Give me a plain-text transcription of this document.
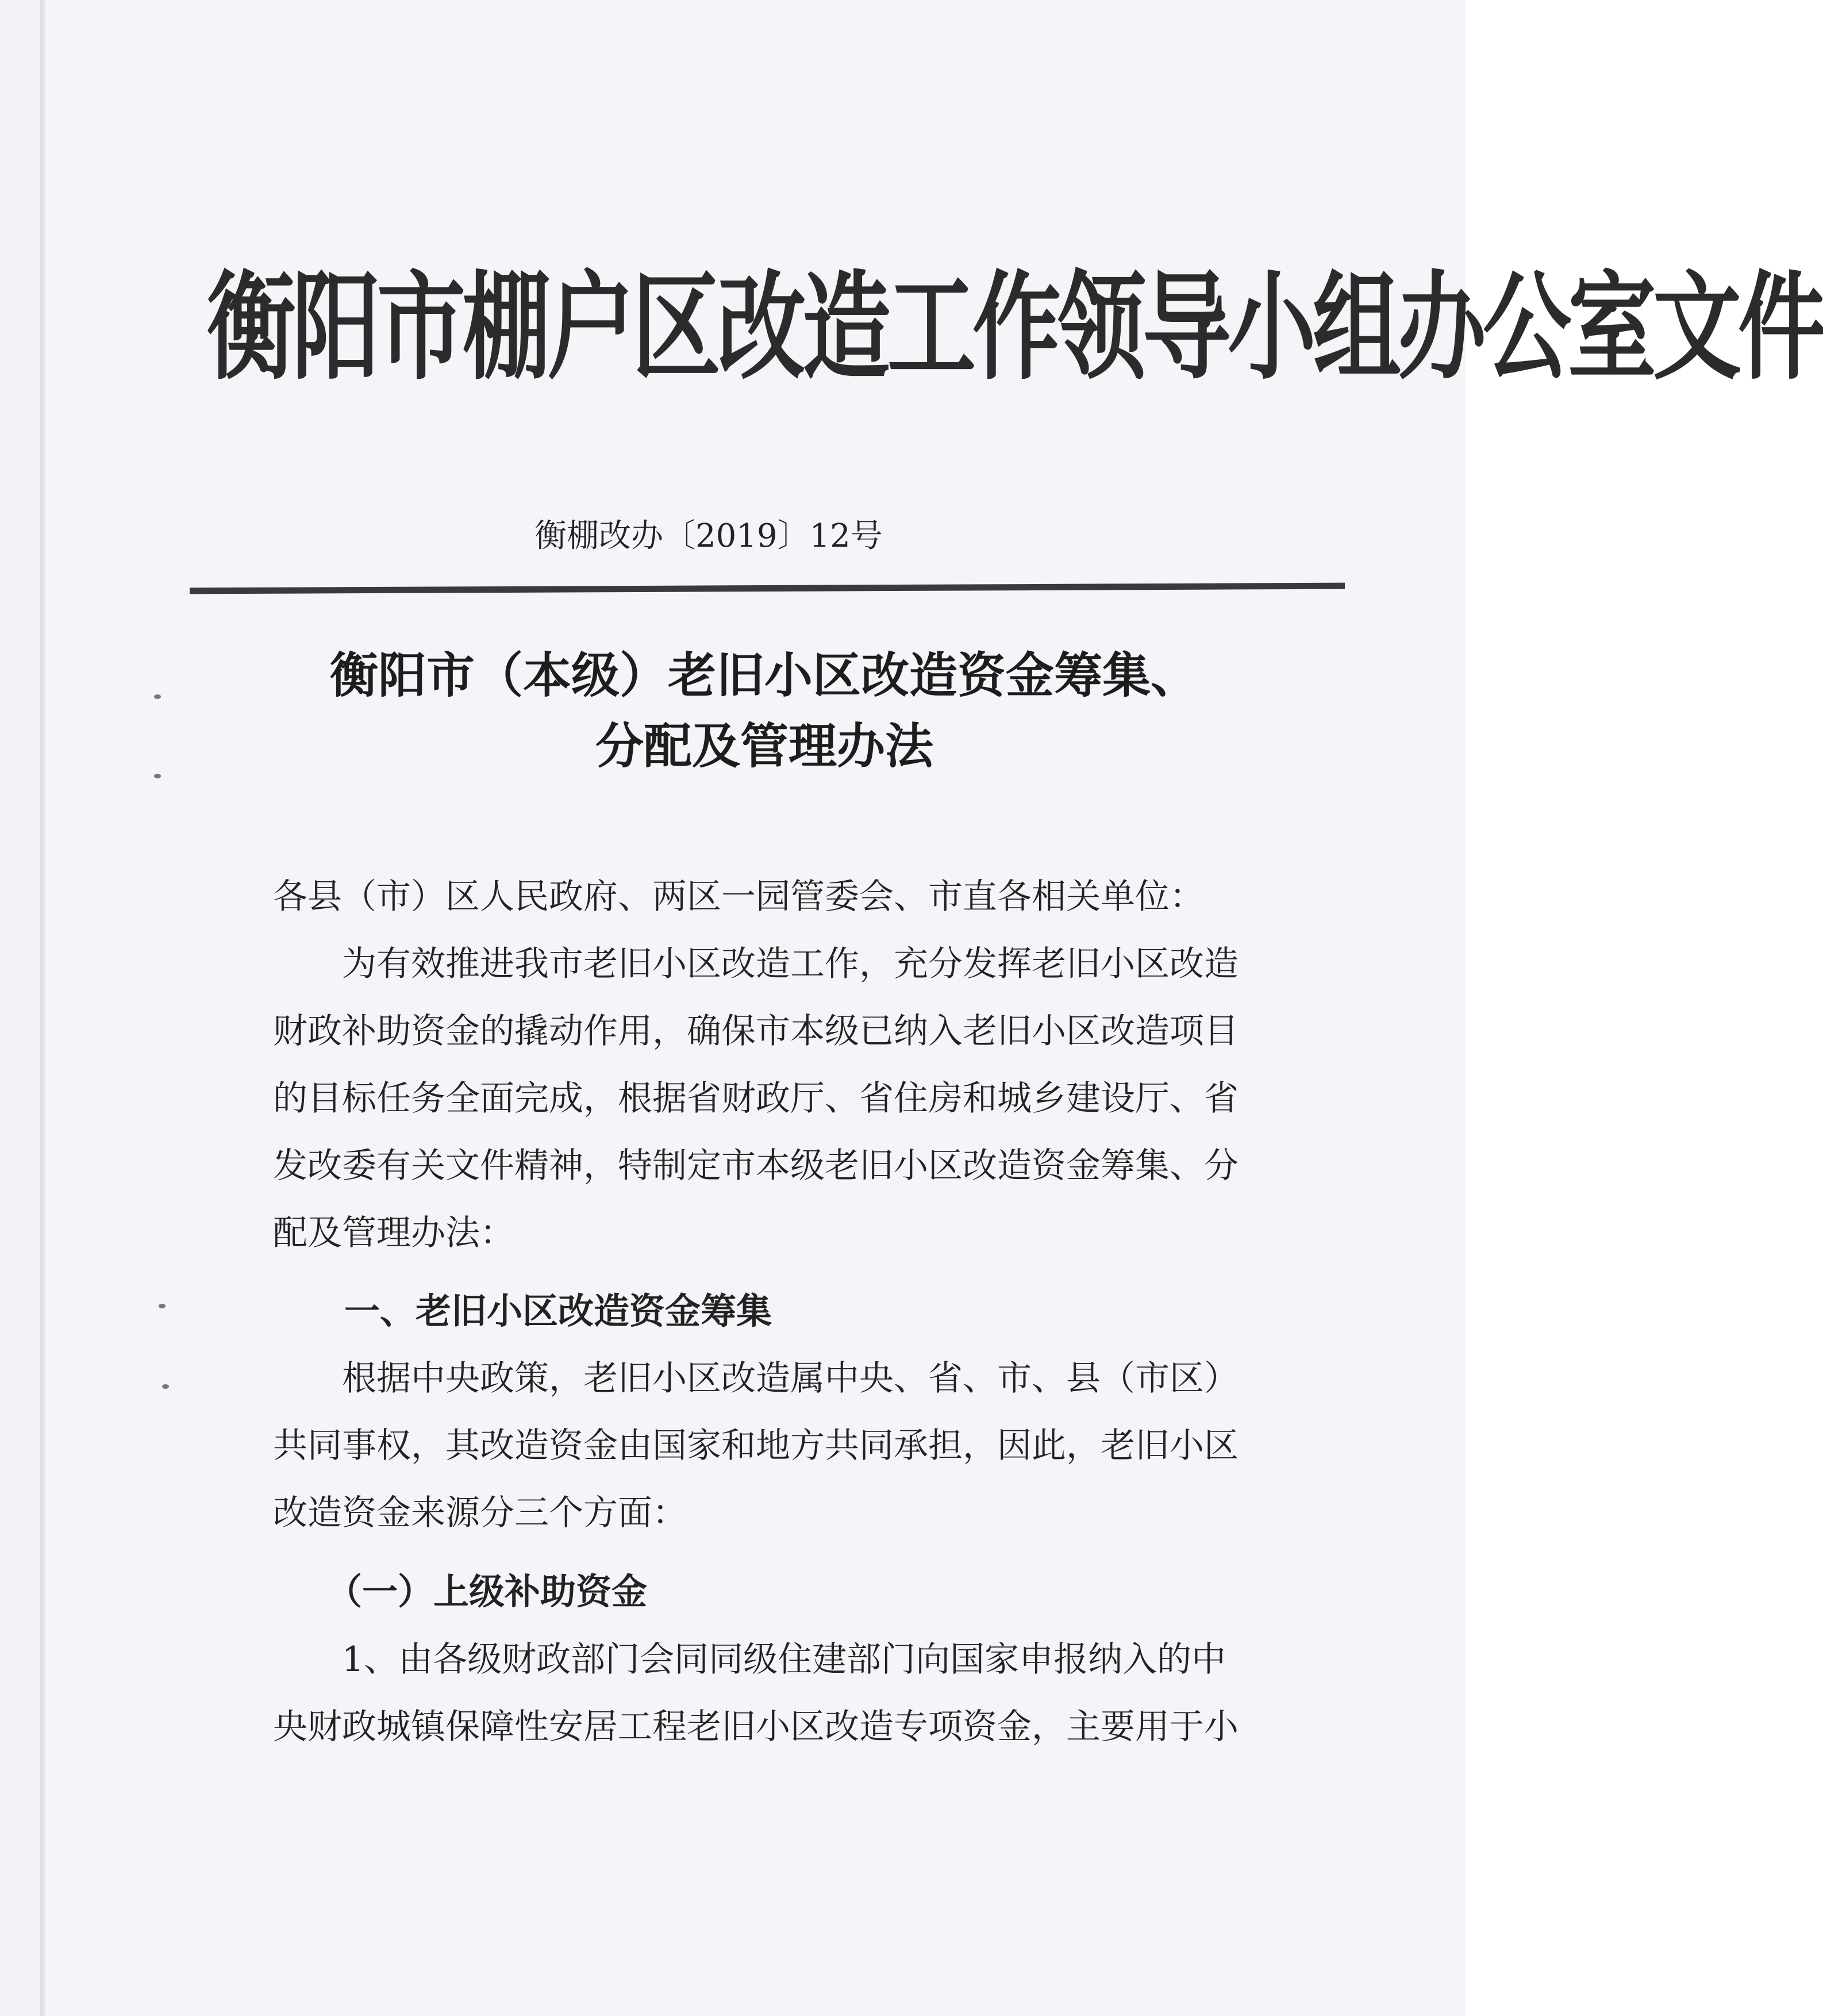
衡阳市棚户区改造工作领导小组办公室文件
衡棚改办〔2019〕12号
衡阳市（本级）老旧小区改造资金筹集、
分配及管理办法
各县（市）区人民政府、两区一园管委会、市直各相关单位：
　　为有效推进我市老旧小区改造工作，充分发挥老旧小区改造
财政补助资金的撬动作用，确保市本级已纳入老旧小区改造项目
的目标任务全面完成，根据省财政厅、省住房和城乡建设厅、省
发改委有关文件精神，特制定市本级老旧小区改造资金筹集、分
配及管理办法：
　　一、老旧小区改造资金筹集
　　根据中央政策，老旧小区改造属中央、省、市、县（市区）
共同事权，其改造资金由国家和地方共同承担，因此，老旧小区
改造资金来源分三个方面：
　　（一）上级补助资金
　　1、由各级财政部门会同同级住建部门向国家申报纳入的中
央财政城镇保障性安居工程老旧小区改造专项资金，主要用于小
